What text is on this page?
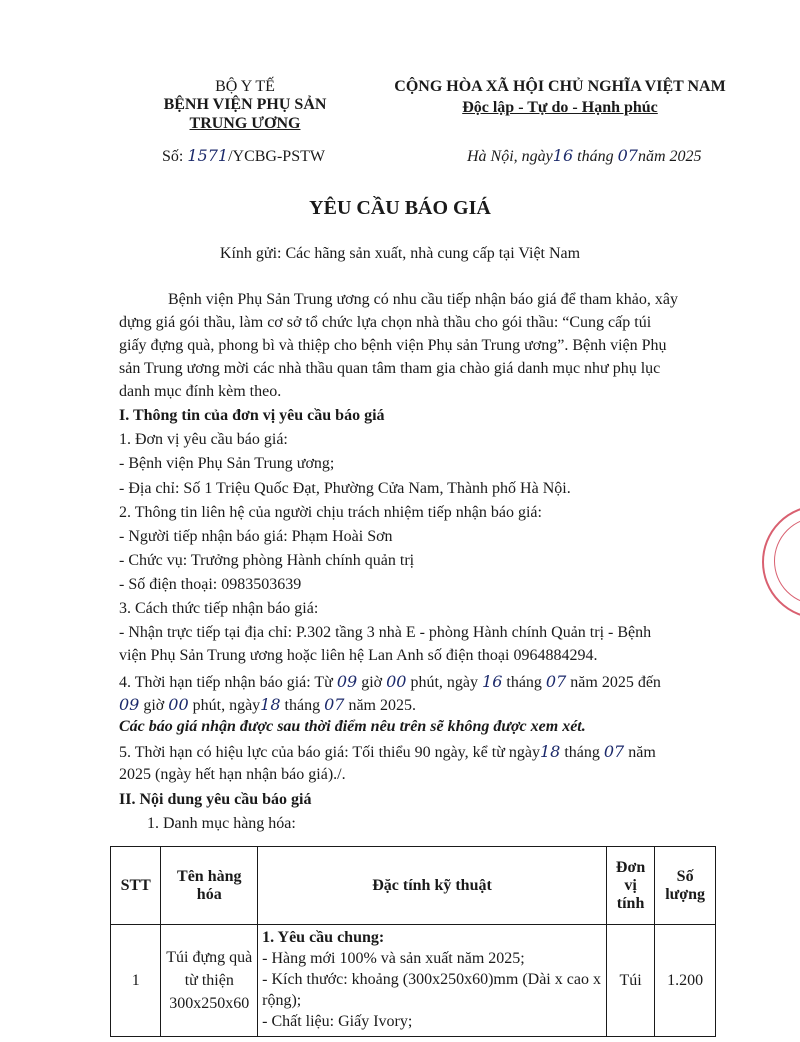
BỘ Y TẾ
BỆNH VIỆN PHỤ SẢN
TRUNG ƯƠNG
Số: 1571/YCBG-PSTW
CỘNG HÒA XÃ HỘI CHỦ NGHĨA VIỆT NAM
Độc lập - Tự do - Hạnh phúc
Hà Nội, ngày16 tháng 07năm 2025
YÊU CẦU BÁO GIÁ
Kính gửi: Các hãng sản xuất, nhà cung cấp tại Việt Nam
Bệnh viện Phụ Sản Trung ương có nhu cầu tiếp nhận báo giá để tham khảo, xây
dựng giá gói thầu, làm cơ sở tổ chức lựa chọn nhà thầu cho gói thầu: “Cung cấp túi
giấy đựng quà, phong bì và thiệp cho bệnh viện Phụ sản Trung ương”. Bệnh viện Phụ
sản Trung ương mời các nhà thầu quan tâm tham gia chào giá danh mục như phụ lục
danh mục đính kèm theo.
I. Thông tin của đơn vị yêu cầu báo giá
1. Đơn vị yêu cầu báo giá:
- Bệnh viện Phụ Sản Trung ương;
- Địa chỉ: Số 1 Triệu Quốc Đạt, Phường Cửa Nam, Thành phố Hà Nội.
2. Thông tin liên hệ của người chịu trách nhiệm tiếp nhận báo giá:
- Người tiếp nhận báo giá: Phạm Hoài Sơn
- Chức vụ: Trưởng phòng Hành chính quản trị
- Số điện thoại: 0983503639
3. Cách thức tiếp nhận báo giá:
- Nhận trực tiếp tại địa chỉ: P.302 tầng 3 nhà E - phòng Hành chính Quản trị - Bệnh
viện Phụ Sản Trung ương hoặc liên hệ Lan Anh số điện thoại 0964884294.
4. Thời hạn tiếp nhận báo giá: Từ 09 giờ 00 phút, ngày 16 tháng 07 năm 2025 đến
09 giờ 00 phút, ngày18 tháng 07 năm 2025.
Các báo giá nhận được sau thời điểm nêu trên sẽ không được xem xét.
5. Thời hạn có hiệu lực của báo giá: Tối thiểu 90 ngày, kể từ ngày18 tháng 07 năm
2025 (ngày hết hạn nhận báo giá)./.
II. Nội dung yêu cầu báo giá
1. Danh mục hàng hóa:
STT	Tên hàng hóa	Đặc tính kỹ thuật	Đơn vị tính	Số lượng
1	Túi đựng quà từ thiện 300x250x60	1. Yêu cầu chung:
- Hàng mới 100% và sản xuất năm 2025;
- Kích thước: khoảng (300x250x60)mm (Dài x cao x rộng);
- Chất liệu: Giấy Ivory;	Túi	1.200
